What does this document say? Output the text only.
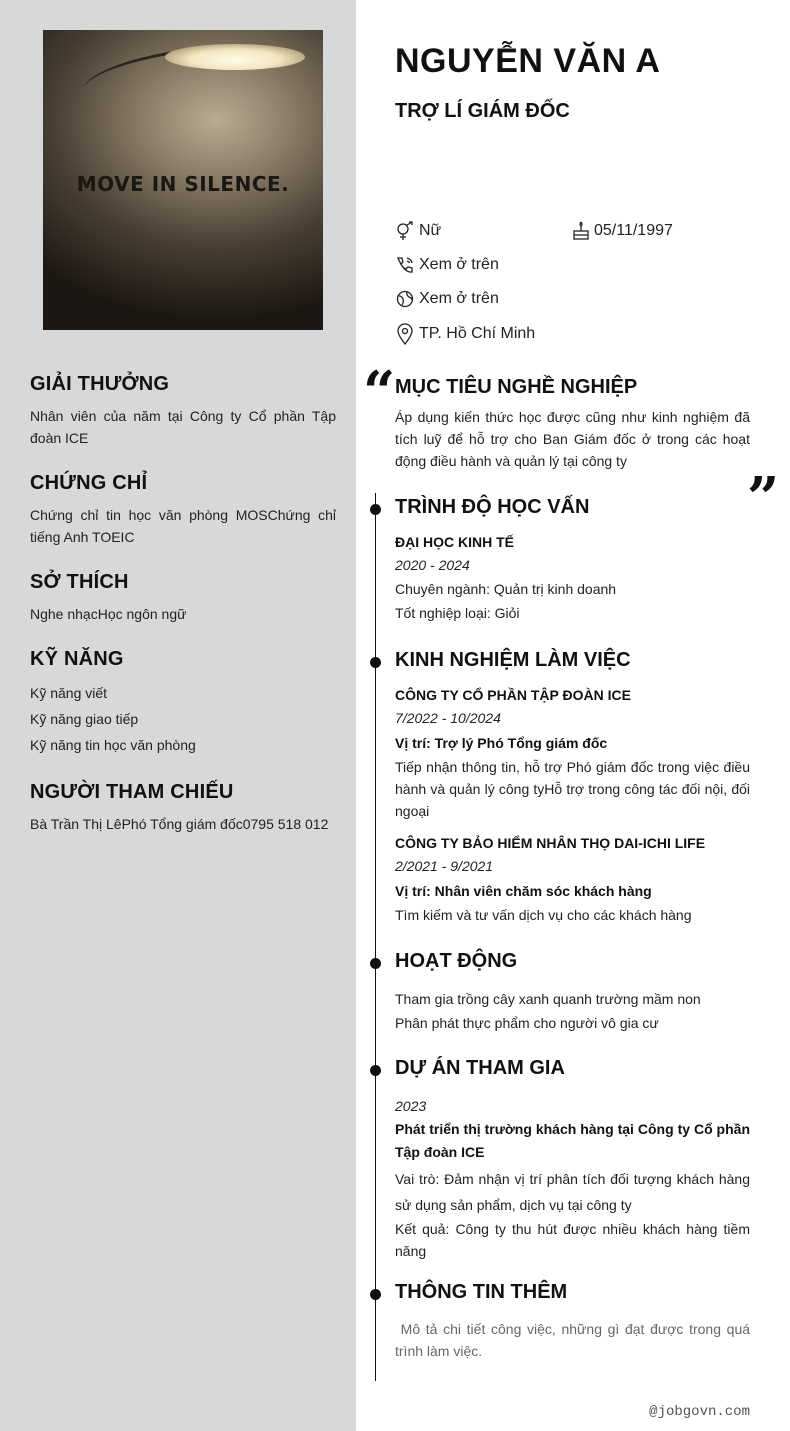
MOVE IN SILENCE.
GIẢI THƯỞNG
Nhân viên của năm tại Công ty Cổ phần Tập đoàn ICE
CHỨNG CHỈ
Chứng chỉ tin học văn phòng MOSChứng chỉ tiếng Anh TOEIC
SỞ THÍCH
Nghe nhạcHọc ngôn ngữ
KỸ NĂNG
Kỹ năng viết
Kỹ năng giao tiếp
Kỹ năng tin học văn phòng
NGƯỜI THAM CHIẾU
Bà Trần Thị LêPhó Tổng giám đốc0795 518 012
NGUYỄN VĂN A
TRỢ LÍ GIÁM ĐỐC
Nữ	05/11/1997
Xem ở trên
Xem ở trên
TP. Hồ Chí Minh
“
”
MỤC TIÊU NGHỀ NGHIỆP
Áp dụng kiến thức học được cũng như kinh nghiệm đã tích luỹ để hỗ trợ cho Ban Giám đốc ở trong các hoạt động điều hành và quản lý tại công ty
TRÌNH ĐỘ HỌC VẤN
ĐẠI HỌC KINH TẾ
2020 - 2024
Chuyên ngành: Quản trị kinh doanh
Tốt nghiệp loại: Giỏi
KINH NGHIỆM LÀM VIỆC
CÔNG TY CỔ PHẦN TẬP ĐOÀN ICE
7/2022 - 10/2024
Vị trí: Trợ lý Phó Tổng giám đốc
Tiếp nhận thông tin, hỗ trợ Phó giám đốc trong việc điều hành và quản lý công tyHỗ trợ trong công tác đối nội, đối ngoại
CÔNG TY BẢO HIỂM NHÂN THỌ DAI-ICHI LIFE
2/2021 - 9/2021
Vị trí: Nhân viên chăm sóc khách hàng
Tìm kiếm và tư vấn dịch vụ cho các khách hàng
HOẠT ĐỘNG
Tham gia trồng cây xanh quanh trường mầm non
Phân phát thực phẩm cho người vô gia cư
DỰ ÁN THAM GIA
2023
Phát triển thị trường khách hàng tại Công ty Cổ phần Tập đoàn ICE
Vai trò: Đảm nhận vị trí phân tích đối tượng khách hàng sử dụng sản phẩm, dịch vụ tại công ty
Kết quả: Công ty thu hút được nhiều khách hàng tiềm năng
THÔNG TIN THÊM
Mô tả chi tiết công việc, những gì đạt được trong quá trình làm việc.
@jobgovn.com
